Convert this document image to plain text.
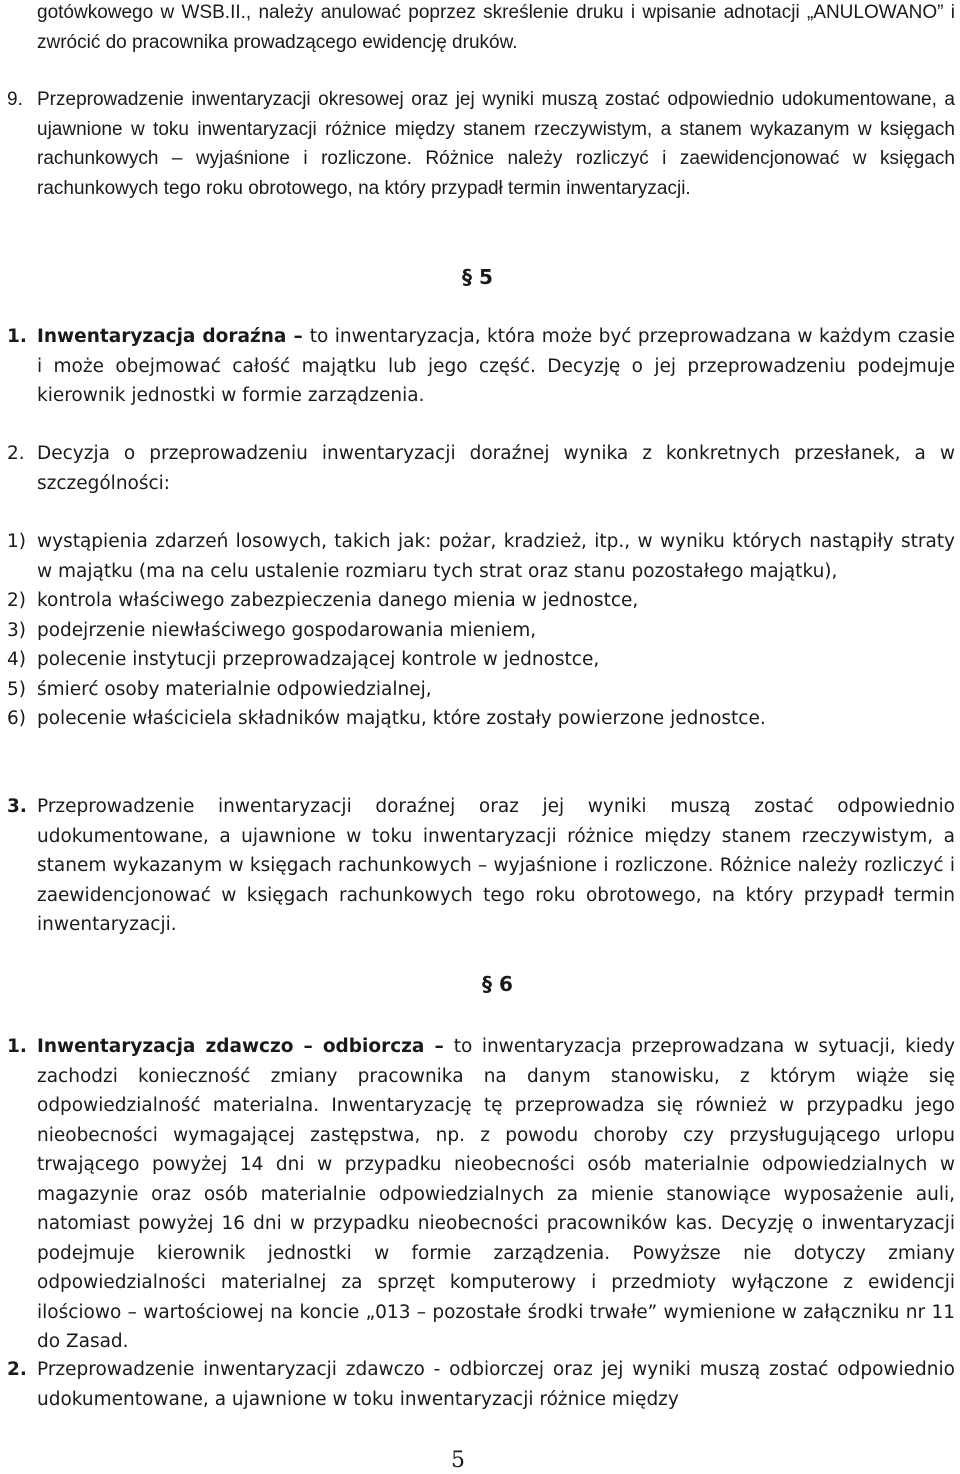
gotówkowego w WSB.II., należy anulować poprzez skreślenie druku i wpisanie adnotacji „ANULOWANO” i zwrócić do pracownika prowadzącego ewidencję druków.

9. Przeprowadzenie inwentaryzacji okresowej oraz jej wyniki muszą zostać odpowiednio udokumentowane, a ujawnione w toku inwentaryzacji różnice między stanem rzeczywistym, a stanem wykazanym w księgach rachunkowych – wyjaśnione i rozliczone. Różnice należy rozliczyć i zaewidencjonować w księgach rachunkowych tego roku obrotowego, na który przypadł termin inwentaryzacji.

§ 5

1. Inwentaryzacja doraźna – to inwentaryzacja, która może być przeprowadzana w każdym czasie i może obejmować całość majątku lub jego część. Decyzję o jej przeprowadzeniu podejmuje kierownik jednostki w formie zarządzenia.

2. Decyzja o przeprowadzeniu inwentaryzacji doraźnej wynika z konkretnych przesłanek, a w szczególności:

1) wystąpienia zdarzeń losowych, takich jak: pożar, kradzież, itp., w wyniku których nastąpiły straty w majątku (ma na celu ustalenie rozmiaru tych strat oraz stanu pozostałego majątku),
2) kontrola właściwego zabezpieczenia danego mienia w jednostce,
3) podejrzenie niewłaściwego gospodarowania mieniem,
4) polecenie instytucji przeprowadzającej kontrole w jednostce,
5) śmierć osoby materialnie odpowiedzialnej,
6) polecenie właściciela składników majątku, które zostały powierzone jednostce.

3. Przeprowadzenie inwentaryzacji doraźnej oraz jej wyniki muszą zostać odpowiednio udokumentowane, a ujawnione w toku inwentaryzacji różnice między stanem rzeczywistym, a stanem wykazanym w księgach rachunkowych – wyjaśnione i rozliczone. Różnice należy rozliczyć i zaewidencjonować w księgach rachunkowych tego roku obrotowego, na który przypadł termin inwentaryzacji.

§ 6

1. Inwentaryzacja zdawczo – odbiorcza – to inwentaryzacja przeprowadzana w sytuacji, kiedy zachodzi konieczność zmiany pracownika na danym stanowisku, z którym wiąże się odpowiedzialność materialna. Inwentaryzację tę przeprowadza się również w przypadku jego nieobecności wymagającej zastępstwa, np. z powodu choroby czy przysługującego urlopu trwającego powyżej 14 dni w przypadku nieobecności osób materialnie odpowiedzialnych w magazynie oraz osób materialnie odpowiedzialnych za mienie stanowiące wyposażenie auli, natomiast powyżej 16 dni w przypadku nieobecności pracowników kas. Decyzję o inwentaryzacji podejmuje kierownik jednostki w formie zarządzenia. Powyższe nie dotyczy zmiany odpowiedzialności materialnej za sprzęt komputerowy i przedmioty wyłączone z ewidencji ilościowo – wartościowej na koncie „013 – pozostałe środki trwałe” wymienione w załączniku nr 11 do Zasad.

2. Przeprowadzenie inwentaryzacji zdawczo - odbiorczej oraz jej wyniki muszą zostać odpowiednio udokumentowane, a ujawnione w toku inwentaryzacji różnice między

5
